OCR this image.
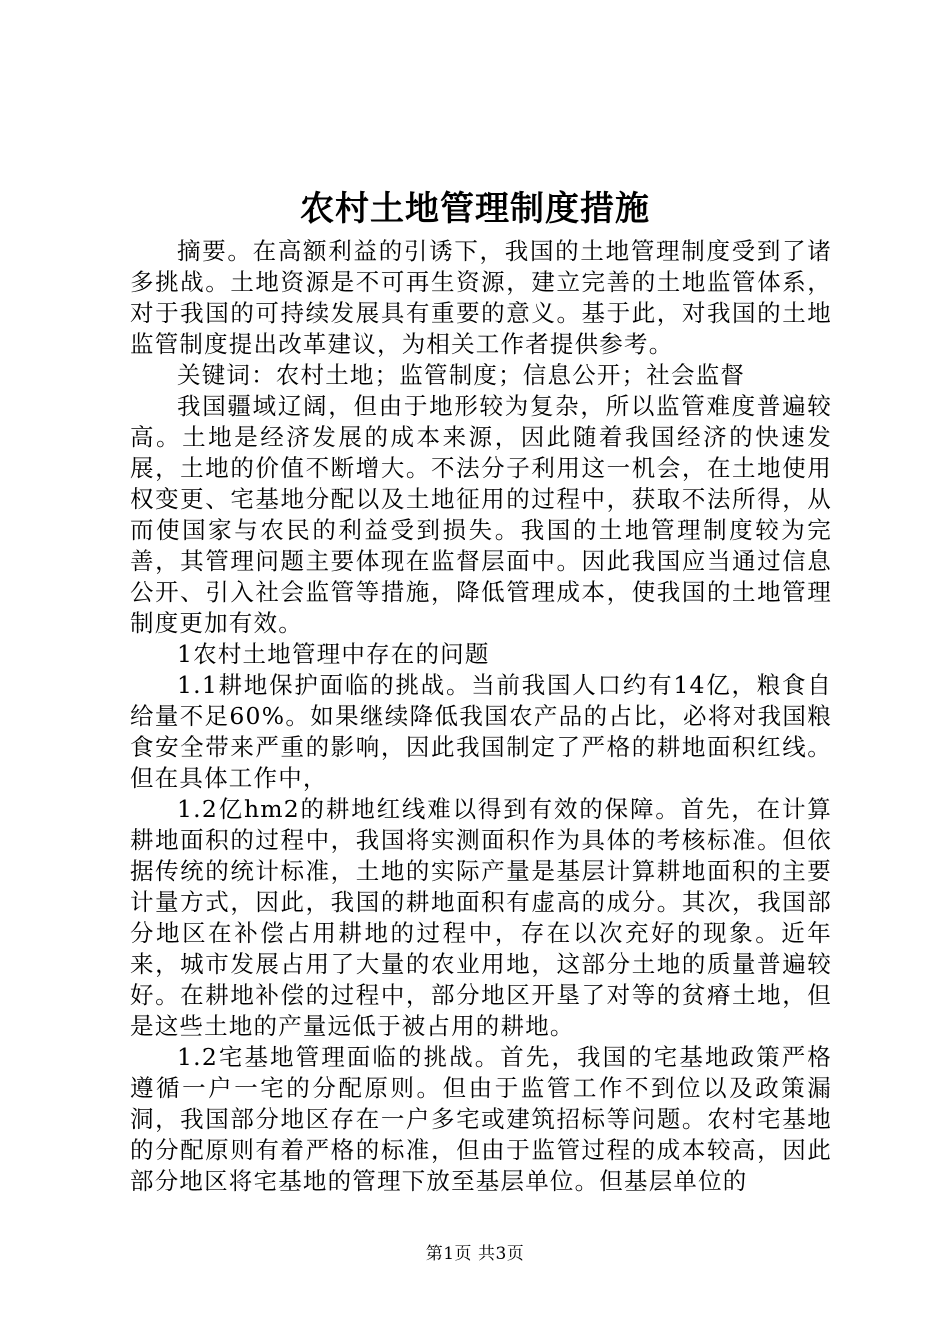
农村土地管理制度措施

摘要。在高额利益的引诱下，我国的土地管理制度受到了诸多挑战。土地资源是不可再生资源，建立完善的土地监管体系，对于我国的可持续发展具有重要的意义。基于此，对我国的土地监管制度提出改革建议，为相关工作者提供参考。

关键词：农村土地；监管制度；信息公开；社会监督

我国疆域辽阔，但由于地形较为复杂，所以监管难度普遍较高。土地是经济发展的成本来源，因此随着我国经济的快速发展，土地的价值不断增大。不法分子利用这一机会，在土地使用权变更、宅基地分配以及土地征用的过程中，获取不法所得，从而使国家与农民的利益受到损失。我国的土地管理制度较为完善，其管理问题主要体现在监督层面中。因此我国应当通过信息公开、引入社会监管等措施，降低管理成本，使我国的土地管理制度更加有效。

1农村土地管理中存在的问题

1.1耕地保护面临的挑战。当前我国人口约有14亿，粮食自给量不足60%。如果继续降低我国农产品的占比，必将对我国粮食安全带来严重的影响，因此我国制定了严格的耕地面积红线。但在具体工作中，

1.2亿hm2的耕地红线难以得到有效的保障。首先，在计算耕地面积的过程中，我国将实测面积作为具体的考核标准。但依据传统的统计标准，土地的实际产量是基层计算耕地面积的主要计量方式，因此，我国的耕地面积有虚高的成分。其次，我国部分地区在补偿占用耕地的过程中，存在以次充好的现象。近年来，城市发展占用了大量的农业用地，这部分土地的质量普遍较好。在耕地补偿的过程中，部分地区开垦了对等的贫瘠土地，但是这些土地的产量远低于被占用的耕地。

1.2宅基地管理面临的挑战。首先，我国的宅基地政策严格遵循一户一宅的分配原则。但由于监管工作不到位以及政策漏洞，我国部分地区存在一户多宅或建筑招标等问题。农村宅基地的分配原则有着严格的标准，但由于监管过程的成本较高，因此部分地区将宅基地的管理下放至基层单位。但基层单位的

第1页 共3页
